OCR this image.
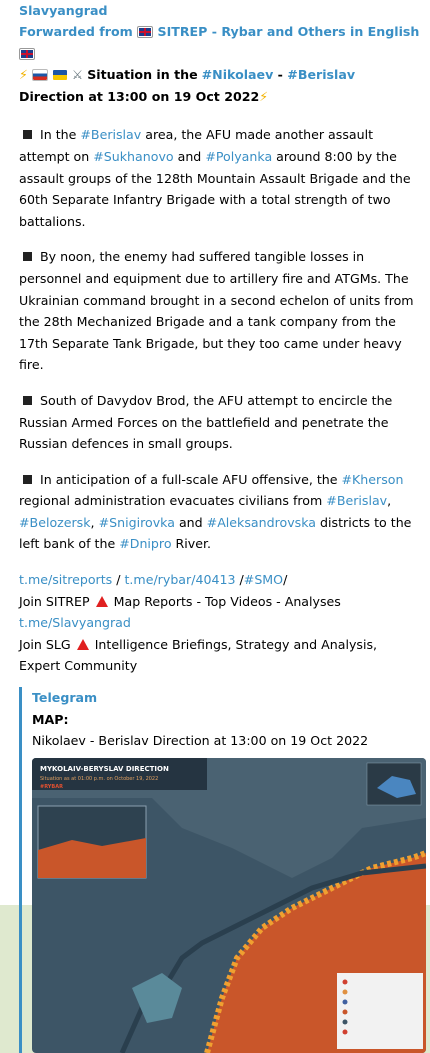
Slavyangrad
Forwarded from SITREP - Rybar and Others in English
⚡	⚔ Situation in the #Nikolaev - #Berislav Direction at 13:00 on 19 Oct 2022⚡
In the #Berislav area, the AFU made another assault attempt on #Sukhanovo and #Polyanka around 8:00 by the assault groups of the 128th Mountain Assault Brigade and the 60th Separate Infantry Brigade with a total strength of two battalions.
By noon, the enemy had suffered tangible losses in personnel and equipment due to artillery fire and ATGMs. The Ukrainian command brought in a second echelon of units from the 28th Mechanized Brigade and a tank company from the 17th Separate Tank Brigade, but they too came under heavy fire.
South of Davydov Brod, the AFU attempt to encircle the Russian Armed Forces on the battlefield and penetrate the Russian defences in small groups.
In anticipation of a full-scale AFU offensive, the #Kherson regional administration evacuates civilians from #Berislav, #Belozersk, #Snigirovka and #Aleksandrovska districts to the left bank of the #Dnipro River.
t.me/sitreports / t.me/rybar/40413 /#SMO/
Join SITREP Map Reports - Top Videos - Analyses
t.me/Slavyangrad
Join SLG Intelligence Briefings, Strategy and Analysis, Expert Community
Telegram
MAP:
Nikolaev - Berislav Direction at 13:00 on 19 Oct 2022
MYKOLAIV-BERYSLAV DIRECTION
Situation as at 01:00 p.m. on October 19, 2022
#RYBAR
